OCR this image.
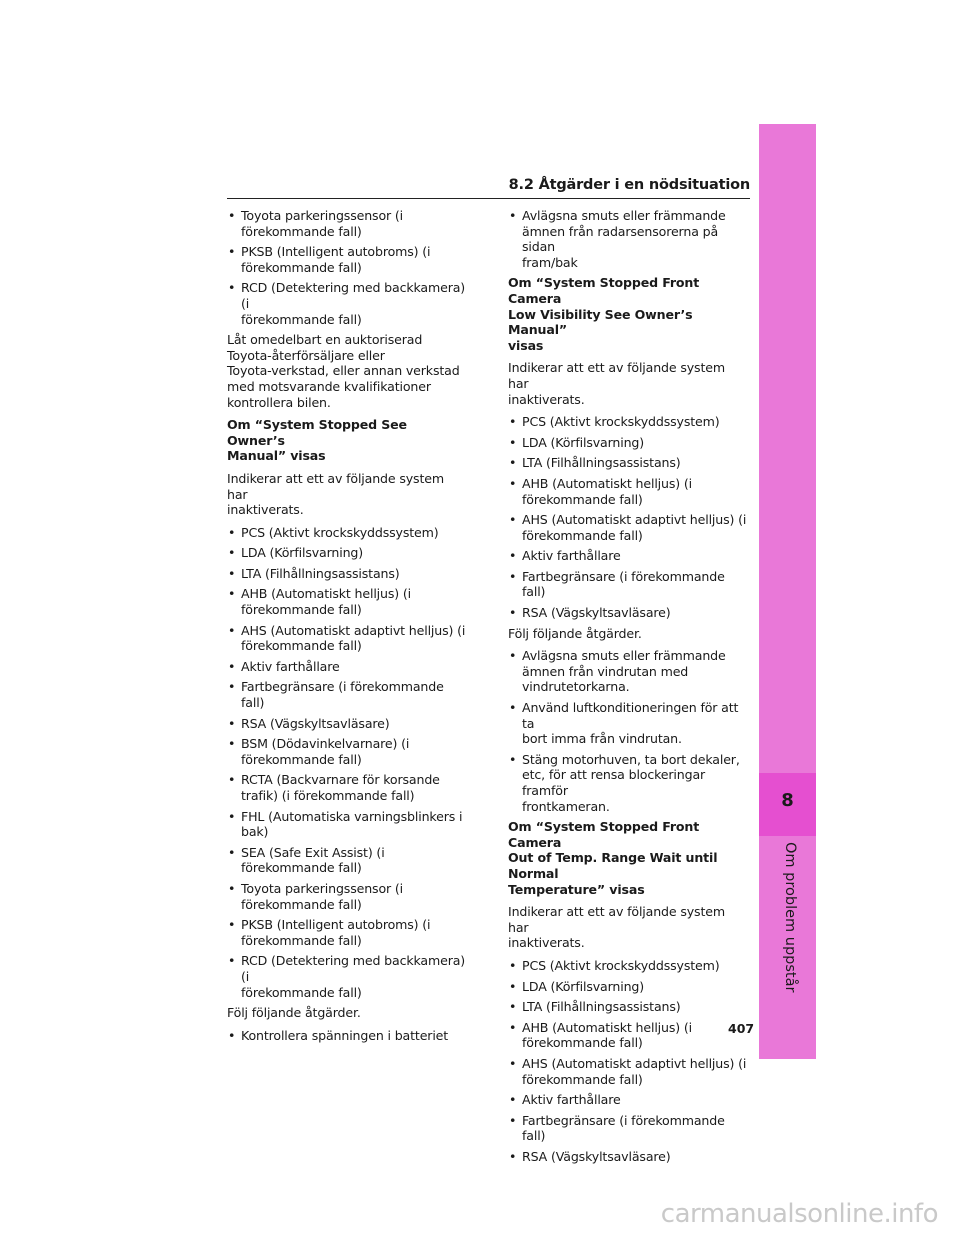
8.2 Åtgärder i en nödsituation
• Toyota parkeringssensor (i
förekommande fall)
• PKSB (Intelligent autobroms) (i
förekommande fall)
• RCD (Detektering med backkamera) (i
förekommande fall)
Låt omedelbart en auktoriserad
Toyota-återförsäljare eller
Toyota-verkstad, eller annan verkstad
med motsvarande kvalifikationer
kontrollera bilen.
Om “System Stopped See Owner’s
Manual” visas
Indikerar att ett av följande system har
inaktiverats.
• PCS (Aktivt krockskyddssystem)
• LDA (Körfilsvarning)
• LTA (Filhållningsassistans)
• AHB (Automatiskt helljus) (i
förekommande fall)
• AHS (Automatiskt adaptivt helljus) (i
förekommande fall)
• Aktiv farthållare
• Fartbegränsare (i förekommande fall)
• RSA (Vägskyltsavläsare)
• BSM (Dödavinkelvarnare) (i
förekommande fall)
• RCTA (Backvarnare för korsande
trafik) (i förekommande fall)
• FHL (Automatiska varningsblinkers i
bak)
• SEA (Safe Exit Assist) (i
förekommande fall)
• Toyota parkeringssensor (i
förekommande fall)
• PKSB (Intelligent autobroms) (i
förekommande fall)
• RCD (Detektering med backkamera) (i
förekommande fall)
Följ följande åtgärder.
• Kontrollera spänningen i batteriet
• Avlägsna smuts eller främmande
ämnen från radarsensorerna på sidan
fram/bak
Om “System Stopped Front Camera
Low Visibility See Owner’s Manual”
visas
Indikerar att ett av följande system har
inaktiverats.
• PCS (Aktivt krockskyddssystem)
• LDA (Körfilsvarning)
• LTA (Filhållningsassistans)
• AHB (Automatiskt helljus) (i
förekommande fall)
• AHS (Automatiskt adaptivt helljus) (i
förekommande fall)
• Aktiv farthållare
• Fartbegränsare (i förekommande fall)
• RSA (Vägskyltsavläsare)
Följ följande åtgärder.
• Avlägsna smuts eller främmande
ämnen från vindrutan med
vindrutetorkarna.
• Använd luftkonditioneringen för att ta
bort imma från vindrutan.
• Stäng motorhuven, ta bort dekaler,
etc, för att rensa blockeringar framför
frontkameran.
Om “System Stopped Front Camera
Out of Temp. Range Wait until Normal
Temperature” visas
Indikerar att ett av följande system har
inaktiverats.
• PCS (Aktivt krockskyddssystem)
• LDA (Körfilsvarning)
• LTA (Filhållningsassistans)
• AHB (Automatiskt helljus) (i
förekommande fall)
• AHS (Automatiskt adaptivt helljus) (i
förekommande fall)
• Aktiv farthållare
• Fartbegränsare (i förekommande fall)
• RSA (Vägskyltsavläsare)
8
Om problem uppstår
407
carmanualsonline.info
